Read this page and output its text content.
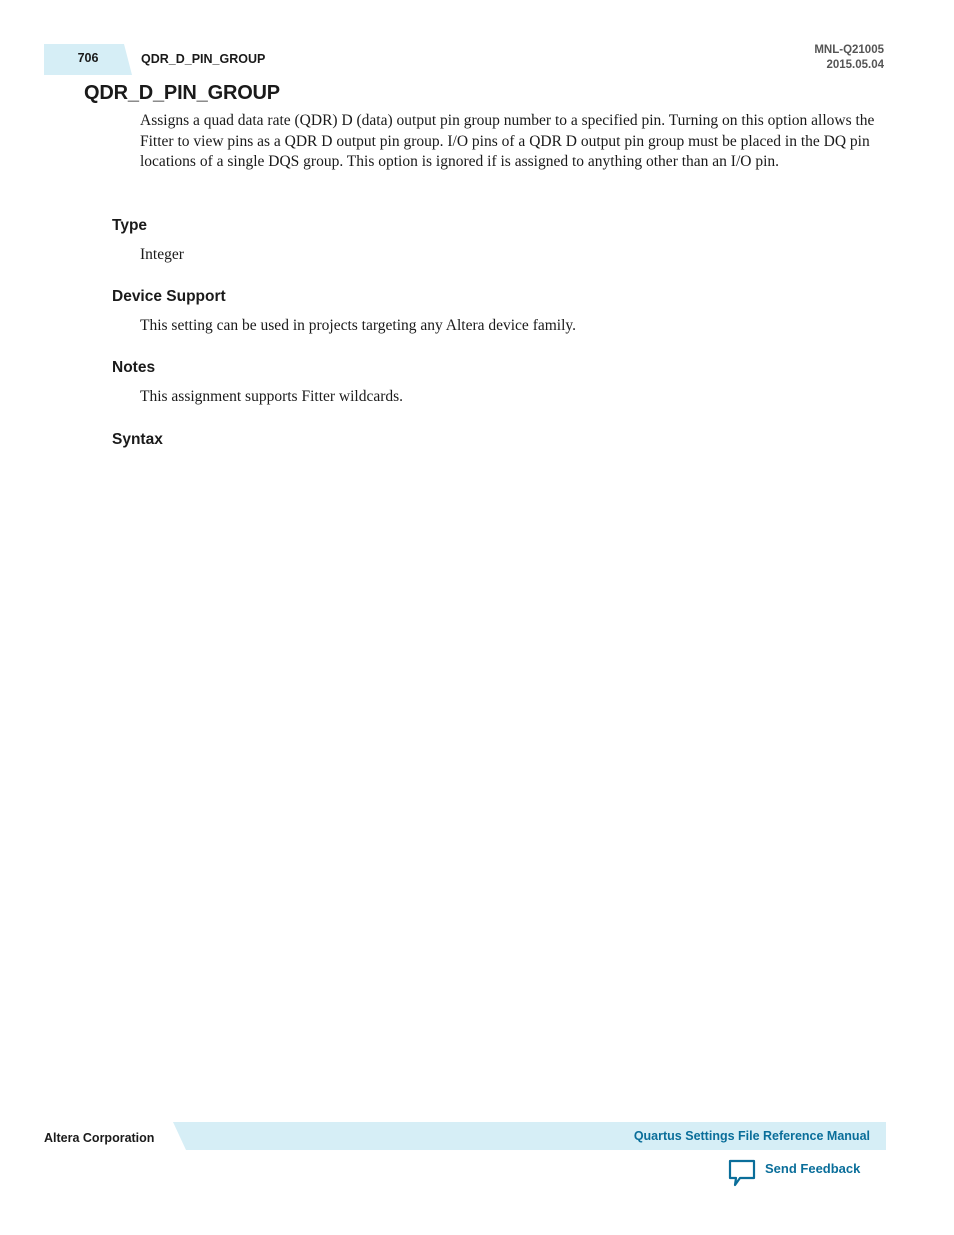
706	QDR_D_PIN_GROUP
MNL-Q21005
2015.05.04
QDR_D_PIN_GROUP

Assigns a quad data rate (QDR) D (data) output pin group number to a specified pin. Turning on this option allows the Fitter to view pins as a QDR D output pin group. I/O pins of a QDR D output pin group must be placed in the DQ pin locations of a single DQS group. This option is ignored if is assigned to anything other than an I/O pin.

Type

Integer

Device Support

This setting can be used in projects targeting any Altera device family.

Notes

This assignment supports Fitter wildcards.

Syntax
Altera Corporation	Quartus Settings File Reference Manual
Send Feedback
